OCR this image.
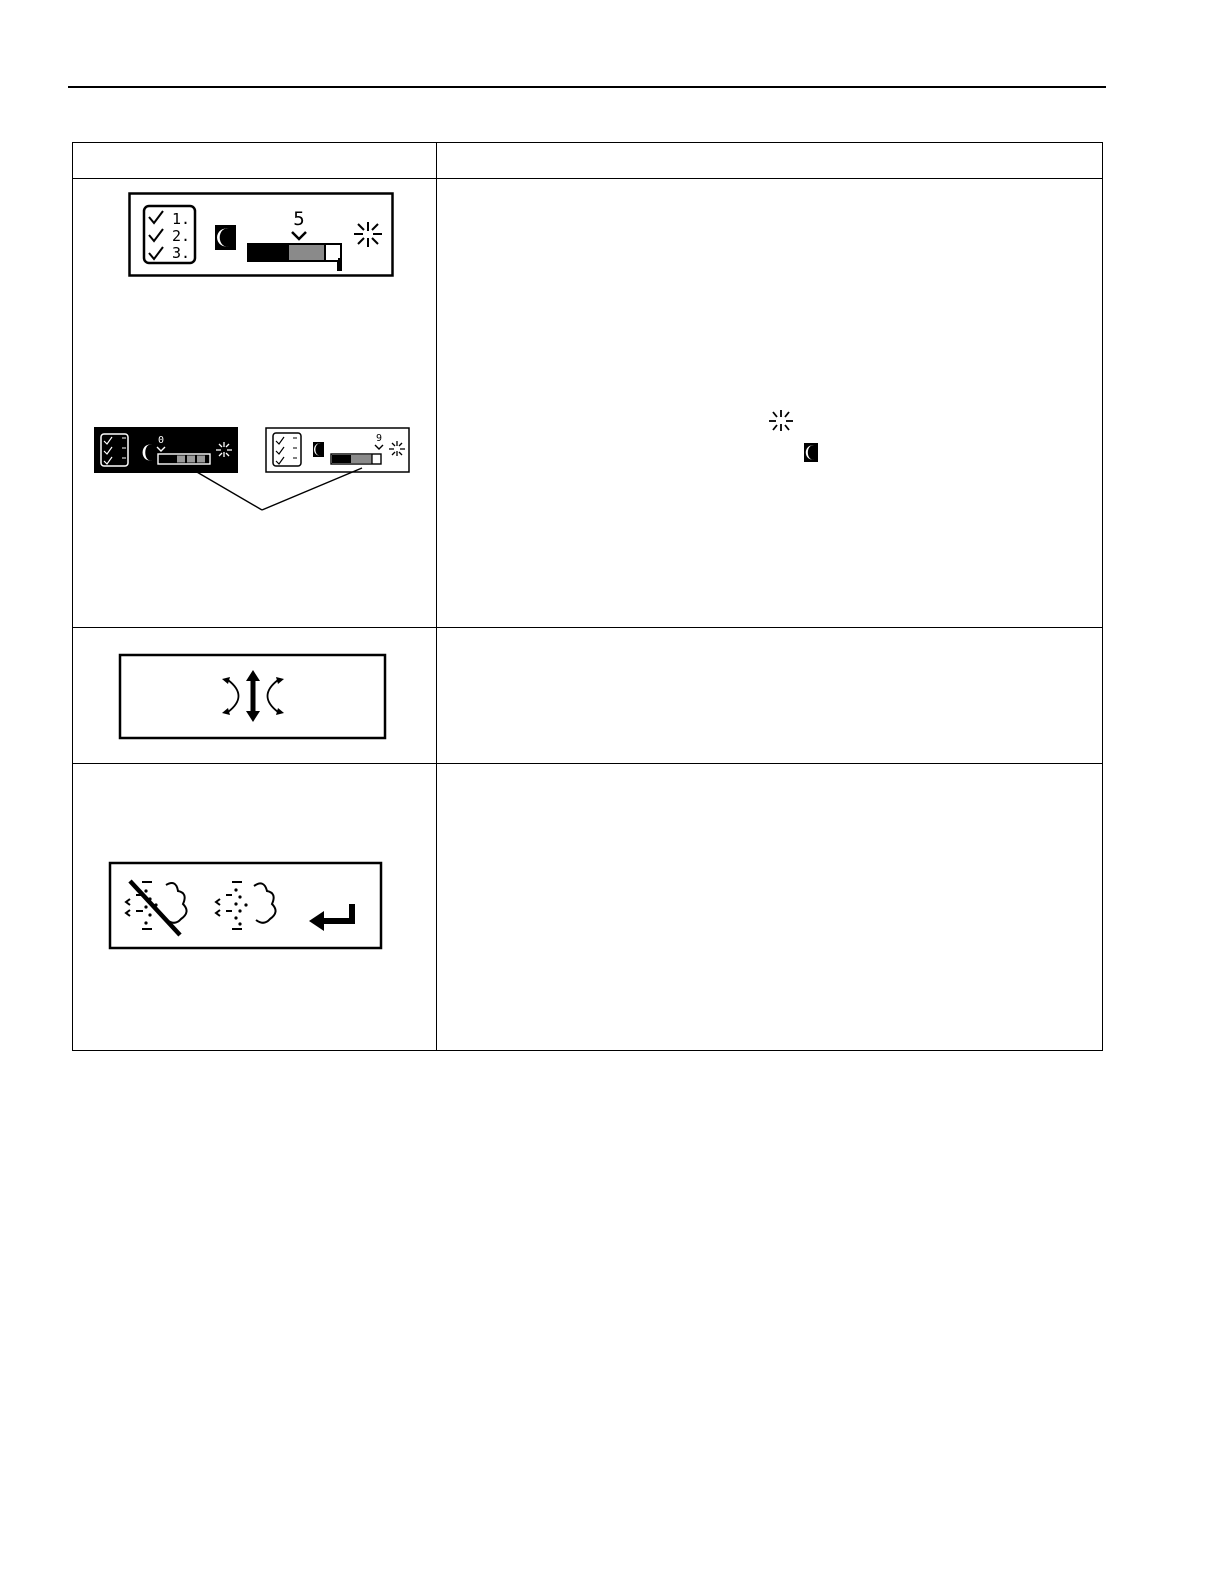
1.
2.
3.
5
0	9
